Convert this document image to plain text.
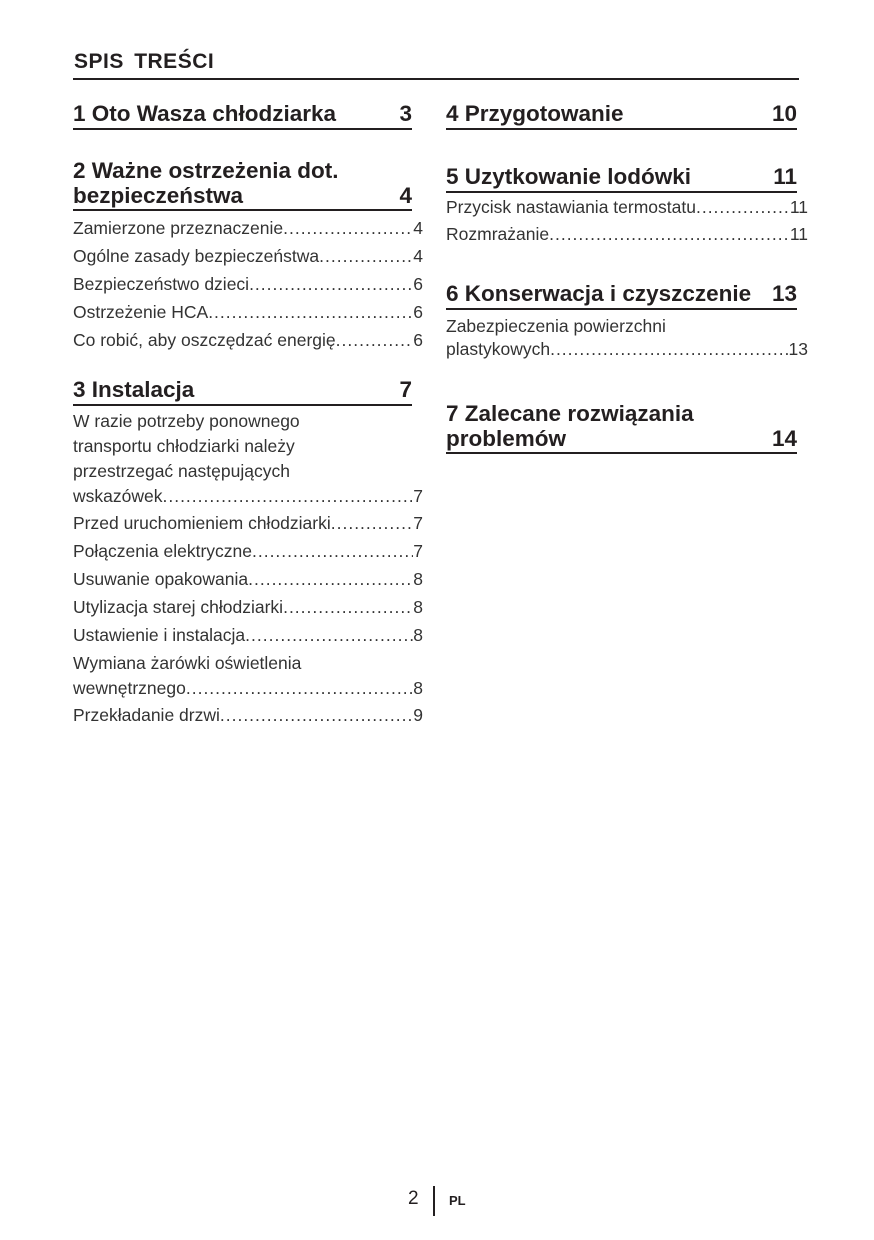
SPIS TREŚCI
1 Oto Wasza chłodziarka	3
2 Ważne ostrzeżenia dot.
bezpieczeństwa	4
Zamierzone przeznaczenie .....	4
Ogólne zasady bezpieczeństwa .....	4
Bezpieczeństwo dzieci .....	6
Ostrzeżenie HCA .....	6
Co robić, aby oszczędzać energię .....	6
3 Instalacja	7
W razie potrzeby ponownego
transportu chłodziarki należy
przestrzegać następujących
wskazówek .....	7
Przed uruchomieniem chłodziarki .....	7
Połączenia elektryczne .....	7
Usuwanie opakowania .....	8
Utylizacja starej chłodziarki .....	8
Ustawienie i instalacja .....	8
Wymiana żarówki oświetlenia
wewnętrznego .....	8
Przekładanie drzwi .....	9
4 Przygotowanie	10
5 Uzytkowanie lodówki	11
Przycisk nastawiania termostatu .....	11
Rozmrażanie .....	11
6 Konserwacja i czyszczenie 13
Zabezpieczenia powierzchni
plastykowych .....	13
7 Zalecane rozwiązania
problemów	14
2 PL
